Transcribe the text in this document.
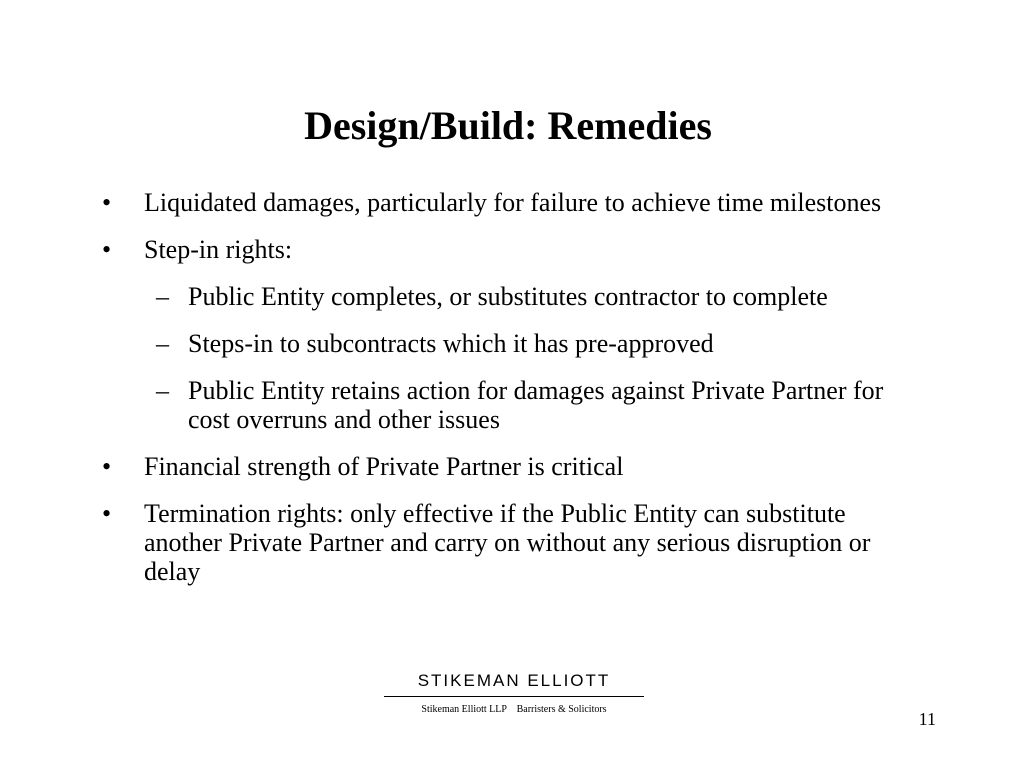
Design/Build: Remedies
• Liquidated damages, particularly for failure to achieve time milestones
• Step-in rights:
– Public Entity completes, or substitutes contractor to complete
– Steps-in to subcontracts which it has pre-approved
– Public Entity retains action for damages against Private Partner for cost overruns and other issues
• Financial strength of Private Partner is critical
• Termination rights: only effective if the Public Entity can substitute another Private Partner and carry on without any serious disruption or delay
STIKEMAN ELLIOTT
Stikeman Elliott LLP    Barristers & Solicitors	11
